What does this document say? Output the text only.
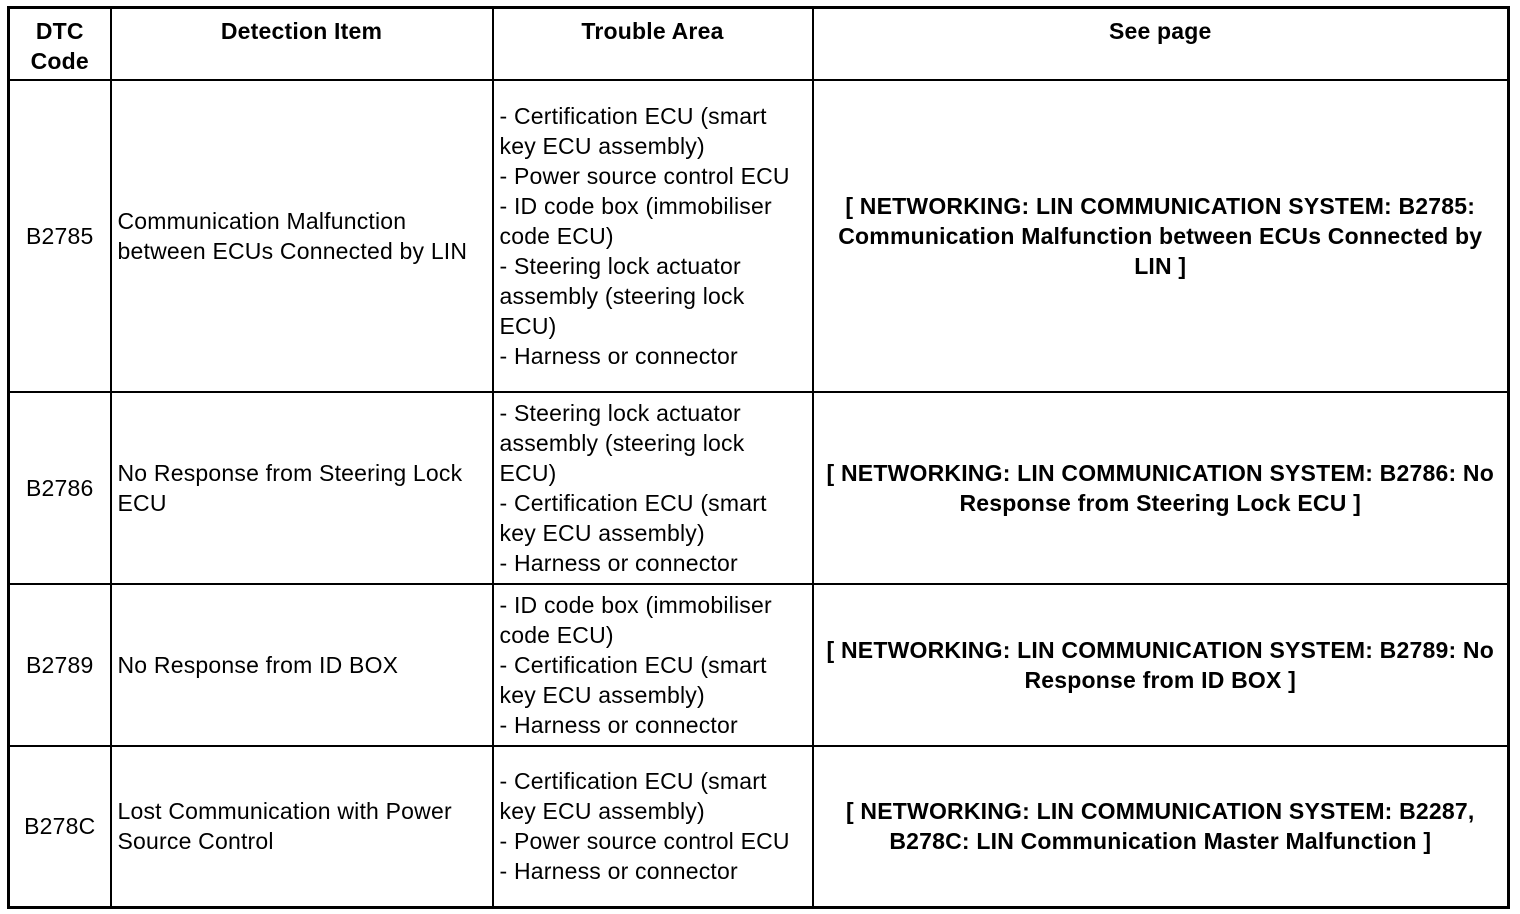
DTC Code	Detection Item	Trouble Area	See page
B2785	Communication Malfunction between ECUs Connected by LIN	- Certification ECU (smart key ECU assembly)
- Power source control ECU
- ID code box (immobiliser code ECU)
- Steering lock actuator assembly (steering lock ECU)
- Harness or connector	[ NETWORKING: LIN COMMUNICATION SYSTEM: B2785: Communication Malfunction between ECUs Connected by LIN ]
B2786	No Response from Steering Lock ECU	- Steering lock actuator assembly (steering lock ECU)
- Certification ECU (smart key ECU assembly)
- Harness or connector	[ NETWORKING: LIN COMMUNICATION SYSTEM: B2786: No Response from Steering Lock ECU ]
B2789	No Response from ID BOX	- ID code box (immobiliser code ECU)
- Certification ECU (smart key ECU assembly)
- Harness or connector	[ NETWORKING: LIN COMMUNICATION SYSTEM: B2789: No Response from ID BOX ]
B278C	Lost Communication with Power Source Control	- Certification ECU (smart key ECU assembly)
- Power source control ECU
- Harness or connector	[ NETWORKING: LIN COMMUNICATION SYSTEM: B2287, B278C: LIN Communication Master Malfunction ]
